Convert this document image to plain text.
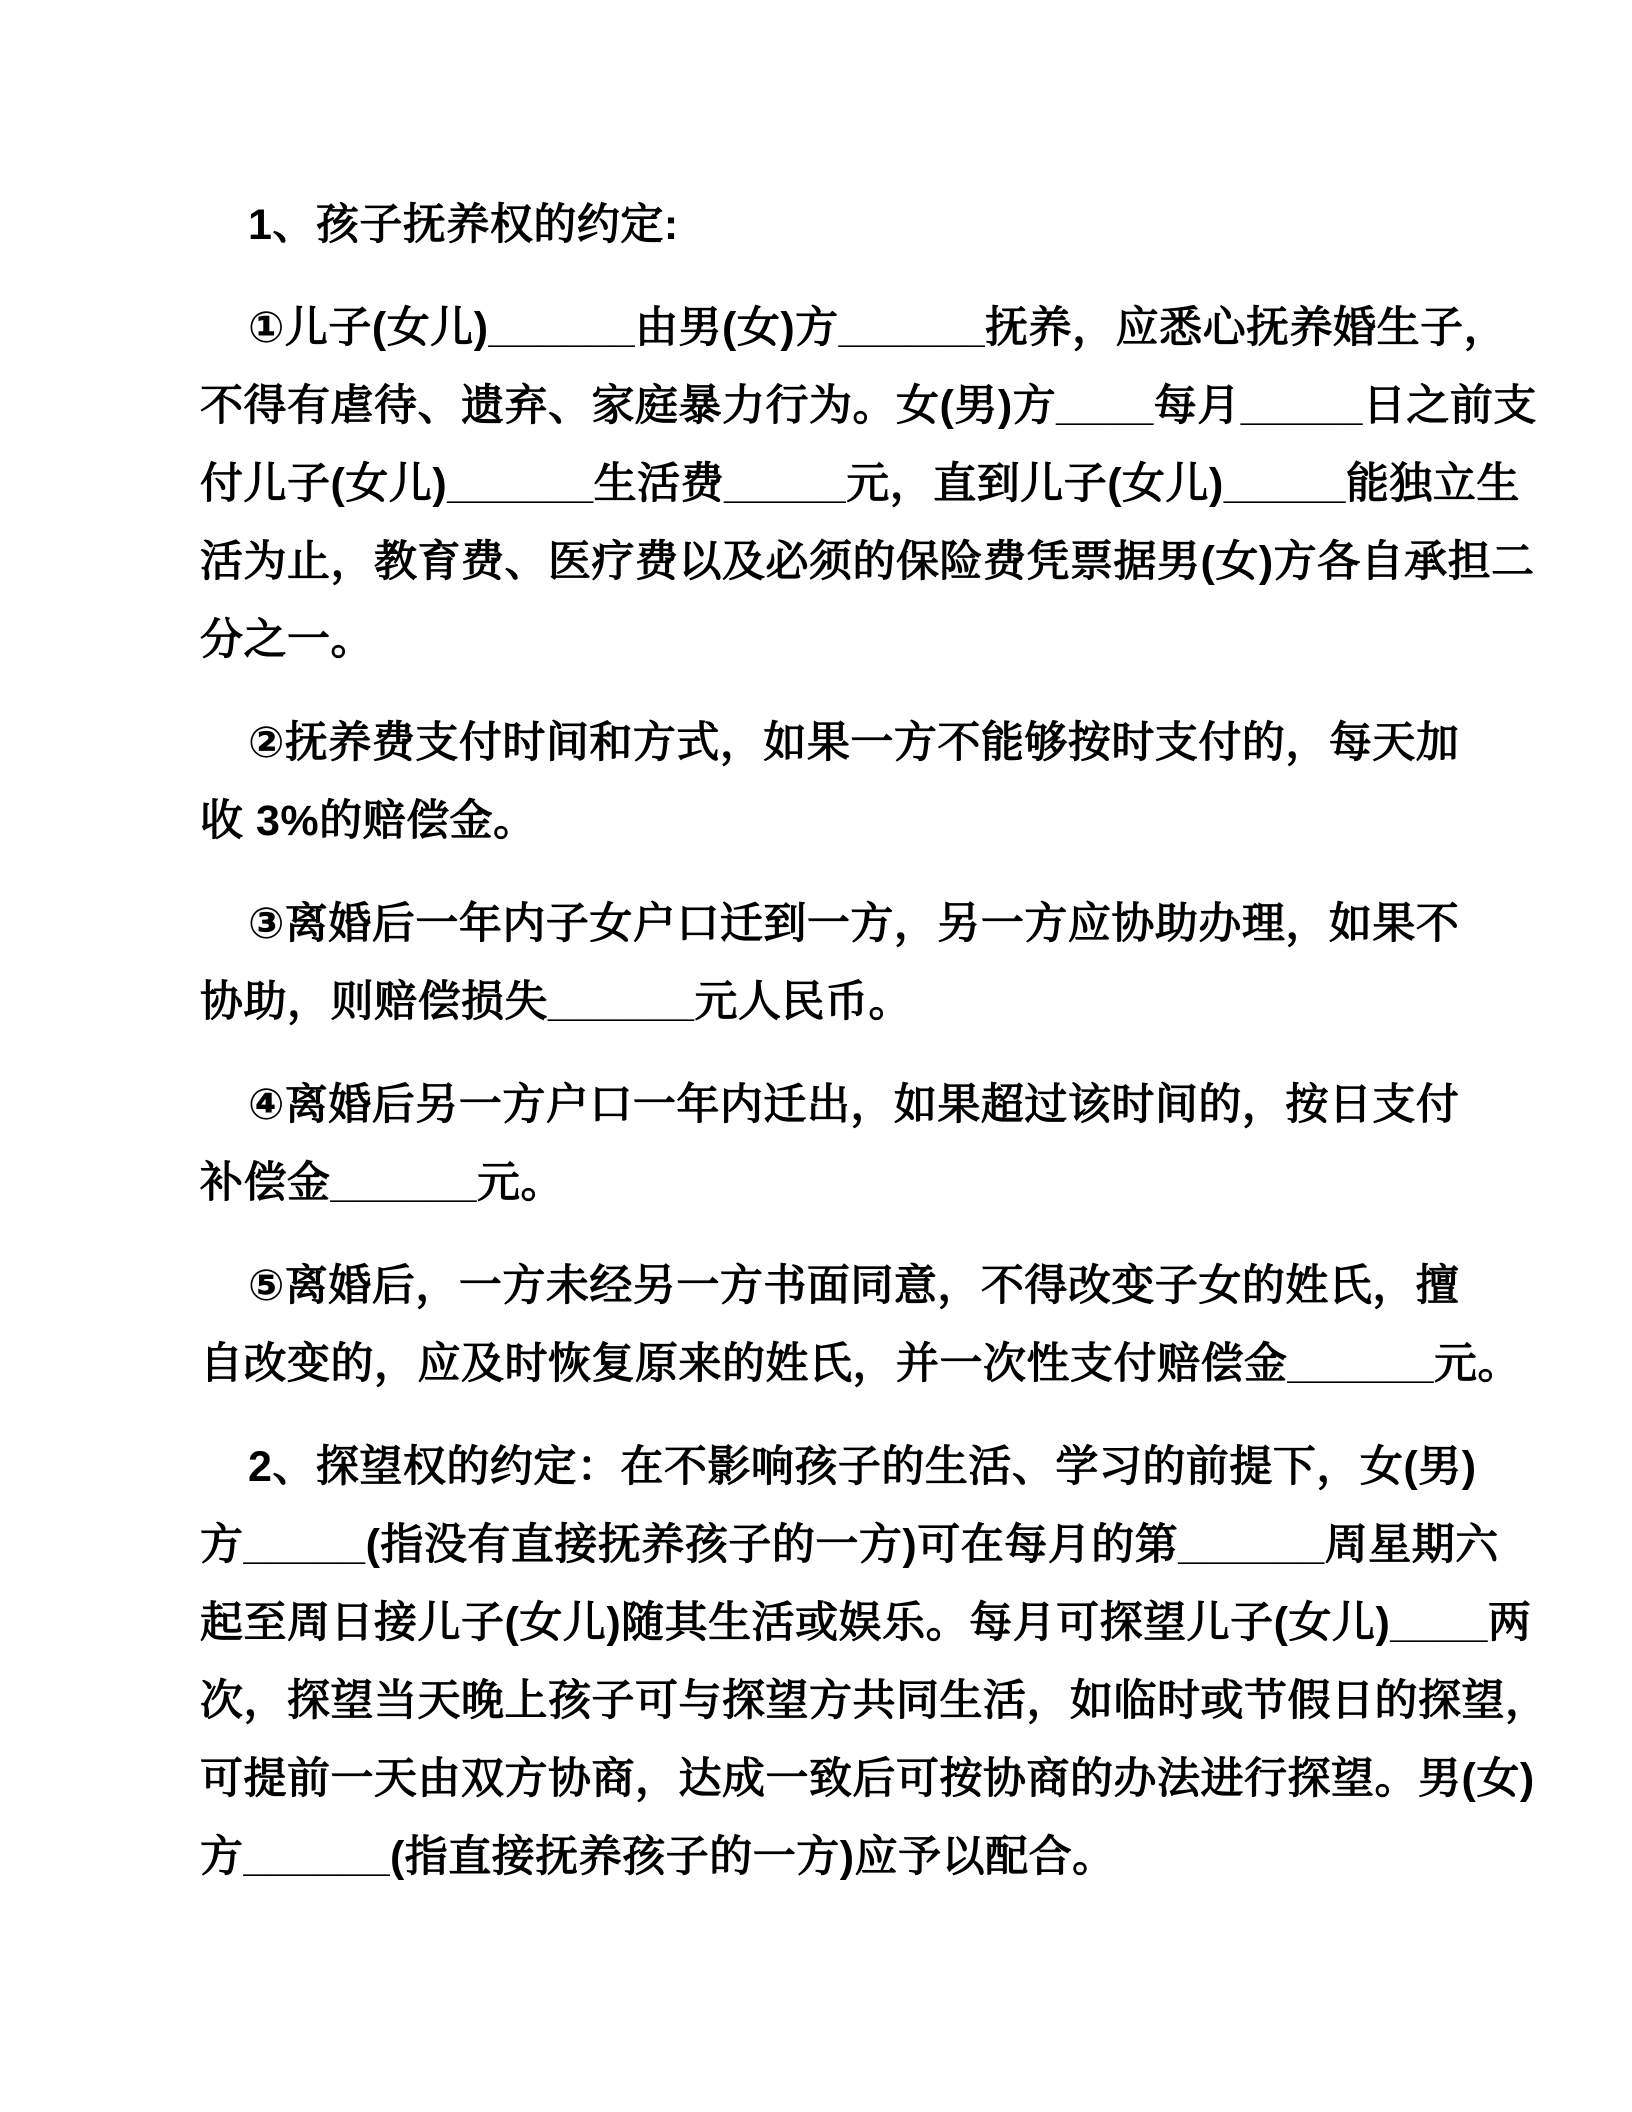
1、孩子抚养权的约定:

①儿子(女儿)______由男(女)方______抚养，应悉心抚养婚生子，
不得有虐待、遗弃、家庭暴力行为。女(男)方____每月_____日之前支
付儿子(女儿)______生活费_____元，直到儿子(女儿)_____能独立生
活为止，教育费、医疗费以及必须的保险费凭票据男(女)方各自承担二
分之一。

②抚养费支付时间和方式，如果一方不能够按时支付的，每天加
收 3%的赔偿金。

③离婚后一年内子女户口迁到一方，另一方应协助办理，如果不
协助，则赔偿损失______元人民币。

④离婚后另一方户口一年内迁出，如果超过该时间的，按日支付
补偿金______元。

⑤离婚后，一方未经另一方书面同意，不得改变子女的姓氏，擅
自改变的，应及时恢复原来的姓氏，并一次性支付赔偿金______元。

2、探望权的约定：在不影响孩子的生活、学习的前提下，女(男)
方_____(指没有直接抚养孩子的一方)可在每月的第______周星期六
起至周日接儿子(女儿)随其生活或娱乐。每月可探望儿子(女儿)____两
次，探望当天晚上孩子可与探望方共同生活，如临时或节假日的探望，
可提前一天由双方协商，达成一致后可按协商的办法进行探望。男(女)
方______(指直接抚养孩子的一方)应予以配合。
